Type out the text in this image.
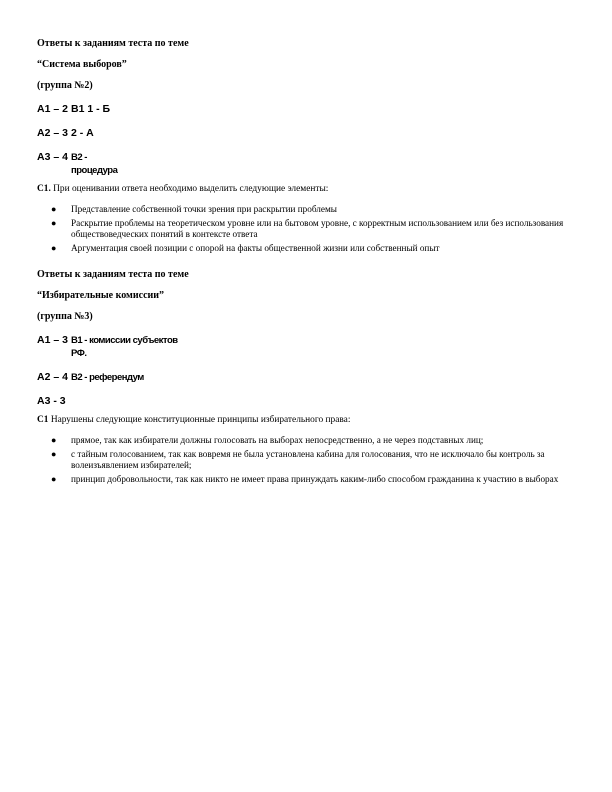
Ответы к заданиям теста по теме
“Система выборов”
(группа №2)
А1 – 2 В1 1 - Б
А2 – 3 2 - А
А3 – 4 В2 - процедура
С1. При оценивании ответа необходимо выделить следующие элементы:
● Представление собственной точки зрения при раскрытии проблемы
● Раскрытие проблемы на теоретическом уровне или на бытовом уровне, с корректным использованием или без использования обществоведческих понятий в контексте ответа
● Аргументация своей позиции с опорой на факты общественной жизни или собственный опыт
Ответы к заданиям теста по теме
“Избирательные комиссии”
(группа №3)
А1 – 3 В1 - комиссии субъектов РФ.
А2 – 4 В2 - референдум
А3 - 3
С1 Нарушены следующие конституционные принципы избирательного права:
● прямое, так как избиратели должны голосовать на выборах непосредственно, а не через подставных лиц;
● с тайным голосованием, так как вовремя не была установлена кабина для голосования, что не исключало бы контроль за волеизъявлением избирателей;
● принцип добровольности, так как никто не имеет права принуждать каким-либо способом гражданина к участию в выборах
